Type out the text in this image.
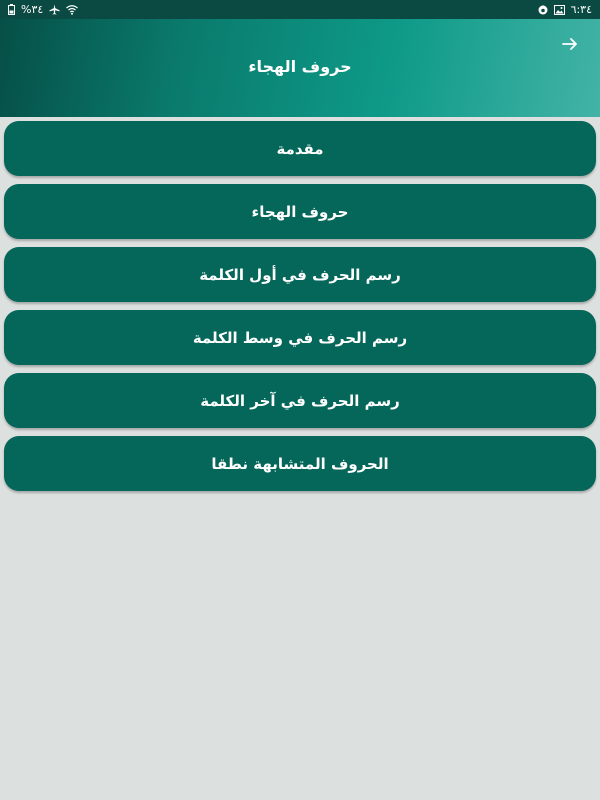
%٣٤	٦:٣٤
حروف الهجاء
مقدمة
حروف الهجاء
رسم الحرف في أول الكلمة
رسم الحرف في وسط الكلمة
رسم الحرف في آخر الكلمة
الحروف المتشابهة نطقا
